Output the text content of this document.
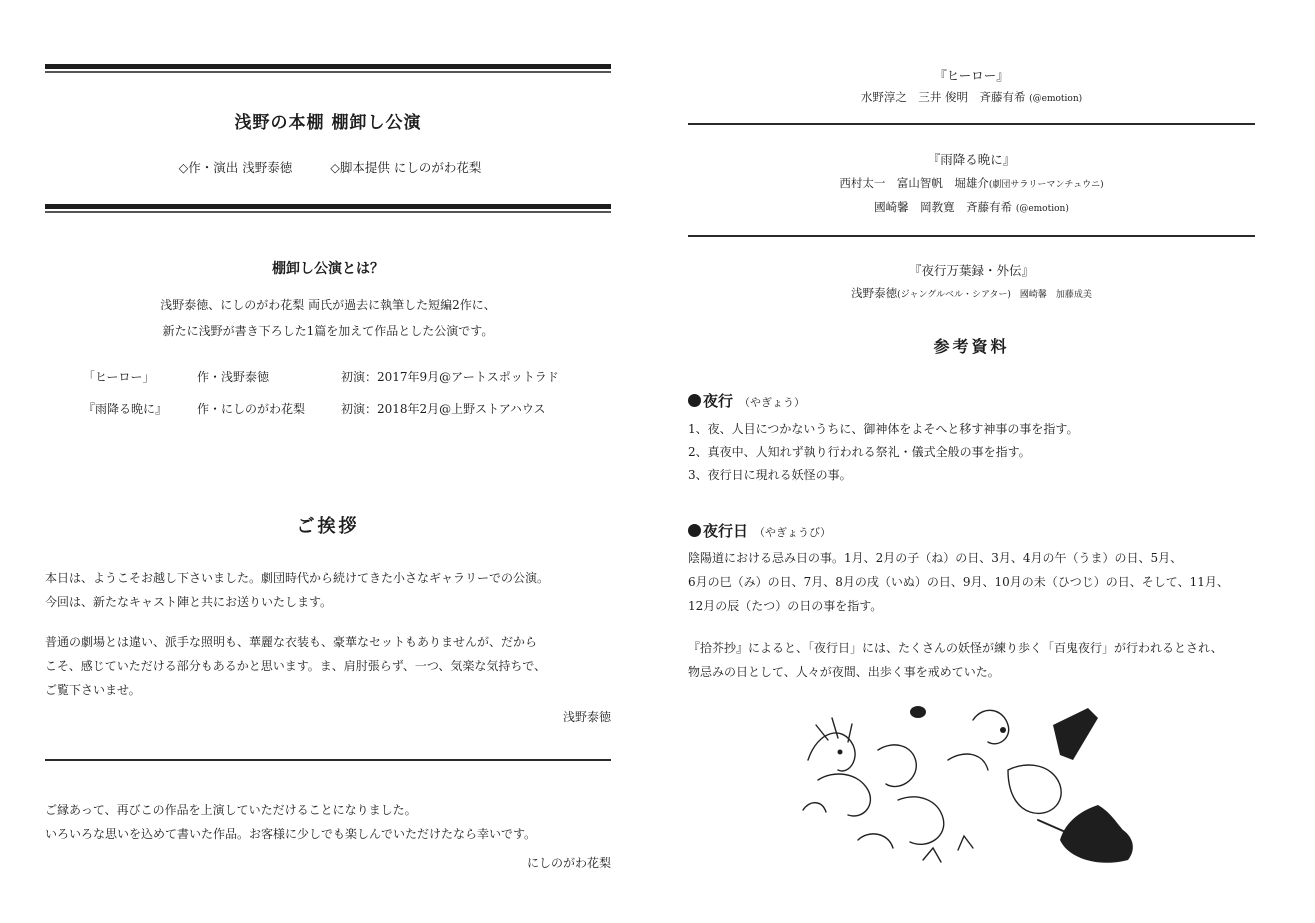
浅野の本棚 棚卸し公演
◇作・演出 浅野泰徳	◇脚本提供 にしのがわ花梨
棚卸し公演とは？
浅野泰徳、にしのがわ花梨 両氏が過去に執筆した短編2作に、
新たに浅野が書き下ろした1篇を加えて作品とした公演です。
「ヒーロー」	作・浅野泰徳	初演：2017年9月@アートスポットラド
『雨降る晩に』 作・にしのがわ花梨	初演：2018年2月@上野ストアハウス
ご挨拶
本日は、ようこそお越し下さいました。劇団時代から続けてきた小さなギャラリーでの公演。
今回は、新たなキャスト陣と共にお送りいたします。
普通の劇場とは違い、派手な照明も、華麗な衣装も、豪華なセットもありませんが、だから
こそ、感じていただける部分もあるかと思います。ま、肩肘張らず、一つ、気楽な気持ちで、
ご覧下さいませ。
浅野泰徳
ご縁あって、再びこの作品を上演していただけることになりました。
いろいろな思いを込めて書いた作品。お客様に少しでも楽しんでいただけたなら幸いです。
にしのがわ花梨
『ヒーロー』
水野淳之　三井 俊明　斉藤有希 (@emotion)
『雨降る晩に』
西村太一　富山智帆　堀雄介(劇団サラリーマンチュウニ)
國崎馨　岡教寛　斉藤有希 (@emotion)
『夜行万葉録・外伝』
浅野泰徳(ジャングルベル・シアター)　國崎馨　加藤成美
参考資料
夜行 （やぎょう）
1、夜、人目につかないうちに、御神体をよそへと移す神事の事を指す。
2、真夜中、人知れず執り行われる祭礼・儀式全般の事を指す。
3、夜行日に現れる妖怪の事。
夜行日 （やぎょうび）
陰陽道における忌み日の事。1月、2月の子（ね）の日、3月、4月の午（うま）の日、5月、
6月の巳（み）の日、7月、8月の戌（いぬ）の日、9月、10月の未（ひつじ）の日、そして、11月、
12月の辰（たつ）の日の事を指す。
『拾芥抄』によると、「夜行日」には、たくさんの妖怪が練り歩く「百鬼夜行」が行われるとされ、
物忌みの日として、人々が夜間、出歩く事を戒めていた。
